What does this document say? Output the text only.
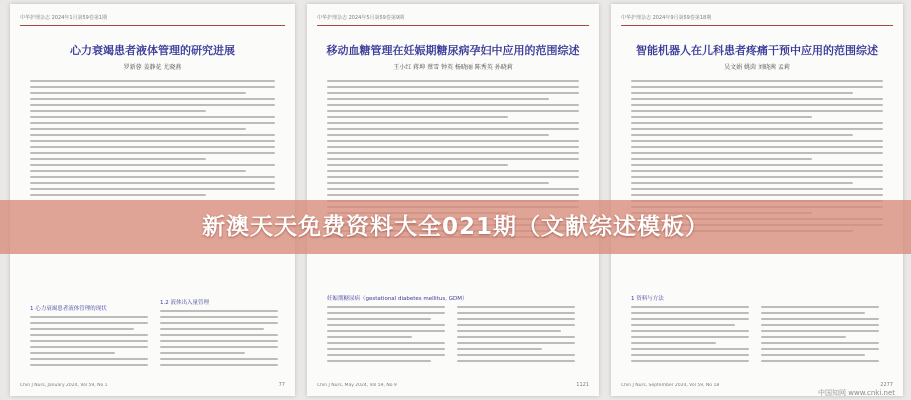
中华护理杂志 2024年1月第59卷第1期
心力衰竭患者液体管理的研究进展
罗新蓉 姜静花 尤晓燕
1 心力衰竭患者液体管理的现状
1.2 液体出入量管理
Chin J Nurs, January 2024, Vol 59, No 1	77
中华护理杂志 2024年5月第59卷第9期
移动血糖管理在妊娠期糖尿病孕妇中应用的范围综述
王小红 蒋坤 蔡雪 钟英 杨晓丽 陈秀英 孙晓莉
妊娠期糖尿病（gestational diabetes mellitus, GDM）
Chin J Nurs, May 2024, Vol 59, No 9	1121
中华护理杂志 2024年9月第59卷第18期
智能机器人在儿科患者疼痛干预中应用的范围综述
吴文娟 姚茵 刘晓茜 孟莉
1 资料与方法
Chin J Nurs, September 2024, Vol 59, No 18	2277
新澳天天免费资料大全021期（文献综述模板）
中国知网 www.cnki.net
